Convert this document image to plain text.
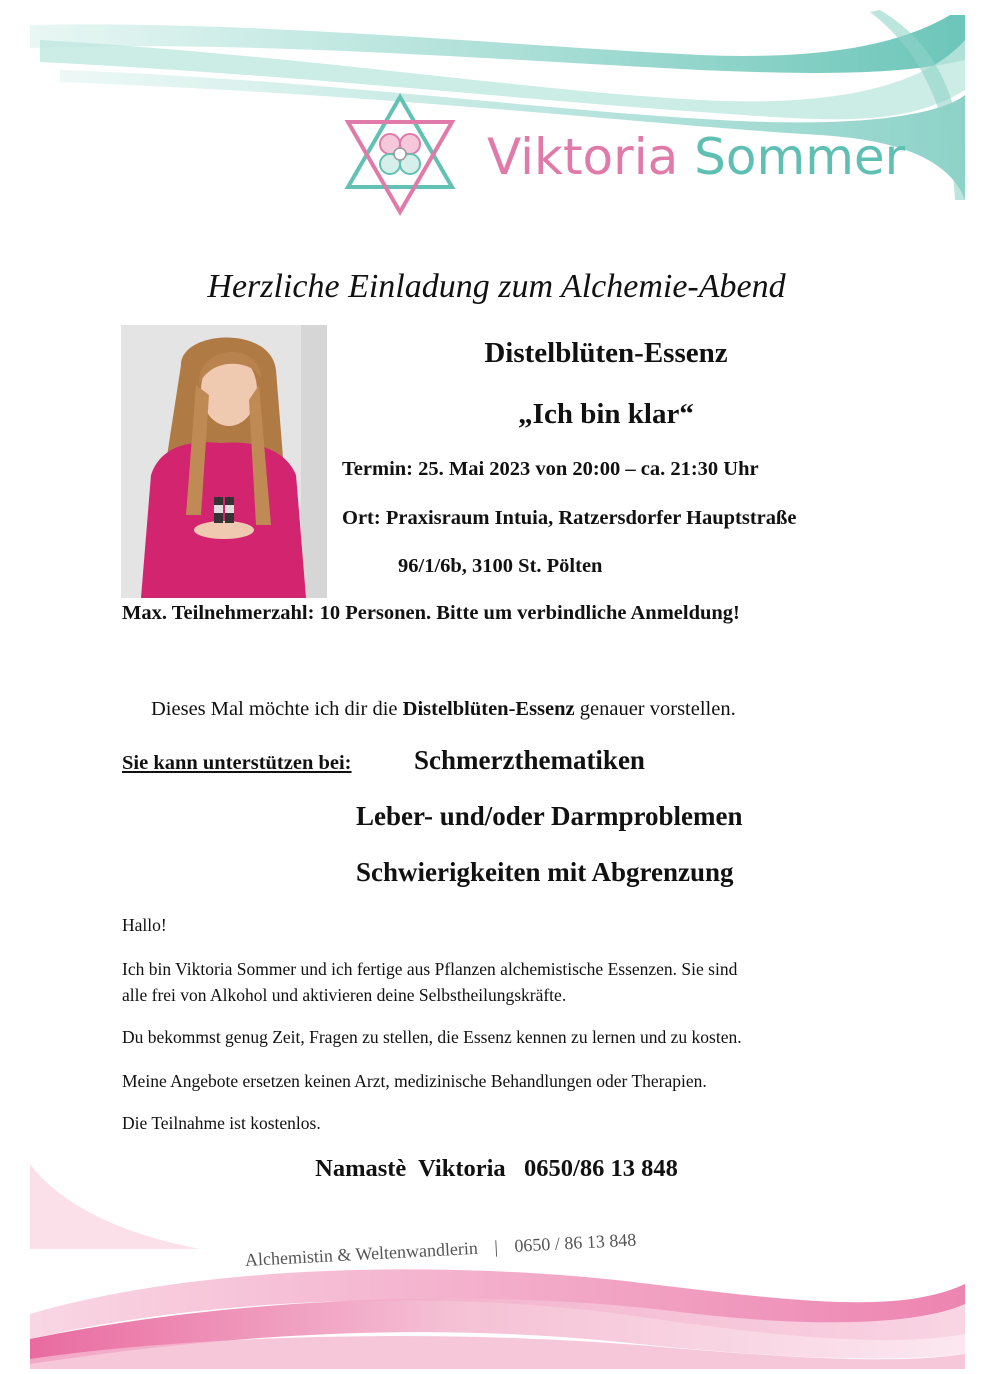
Viktoria Sommer
Herzliche Einladung zum Alchemie-Abend
Distelblüten-Essenz
„Ich bin klar“
Termin: 25. Mai 2023 von 20:00 – ca. 21:30 Uhr
Ort: Praxisraum Intuia, Ratzersdorfer Hauptstraße
96/1/6b, 3100 St. Pölten
Max. Teilnehmerzahl: 10 Personen. Bitte um verbindliche Anmeldung!
Dieses Mal möchte ich dir die Distelblüten-Essenz genauer vorstellen.
Sie kann unterstützen bei: Schmerzthematiken
Leber- und/oder Darmproblemen
Schwierigkeiten mit Abgrenzung
Hallo!
Ich bin Viktoria Sommer und ich fertige aus Pflanzen alchemistische Essenzen. Sie sind
alle frei von Alkohol und aktivieren deine Selbstheilungskräfte.
Du bekommst genug Zeit, Fragen zu stellen, die Essenz kennen zu lernen und zu kosten.
Meine Angebote ersetzen keinen Arzt, medizinische Behandlungen oder Therapien.
Die Teilnahme ist kostenlos.
Namastè  Viktoria   0650/86 13 848
Alchemistin & Weltenwandlerin | 0650 / 86 13 848
